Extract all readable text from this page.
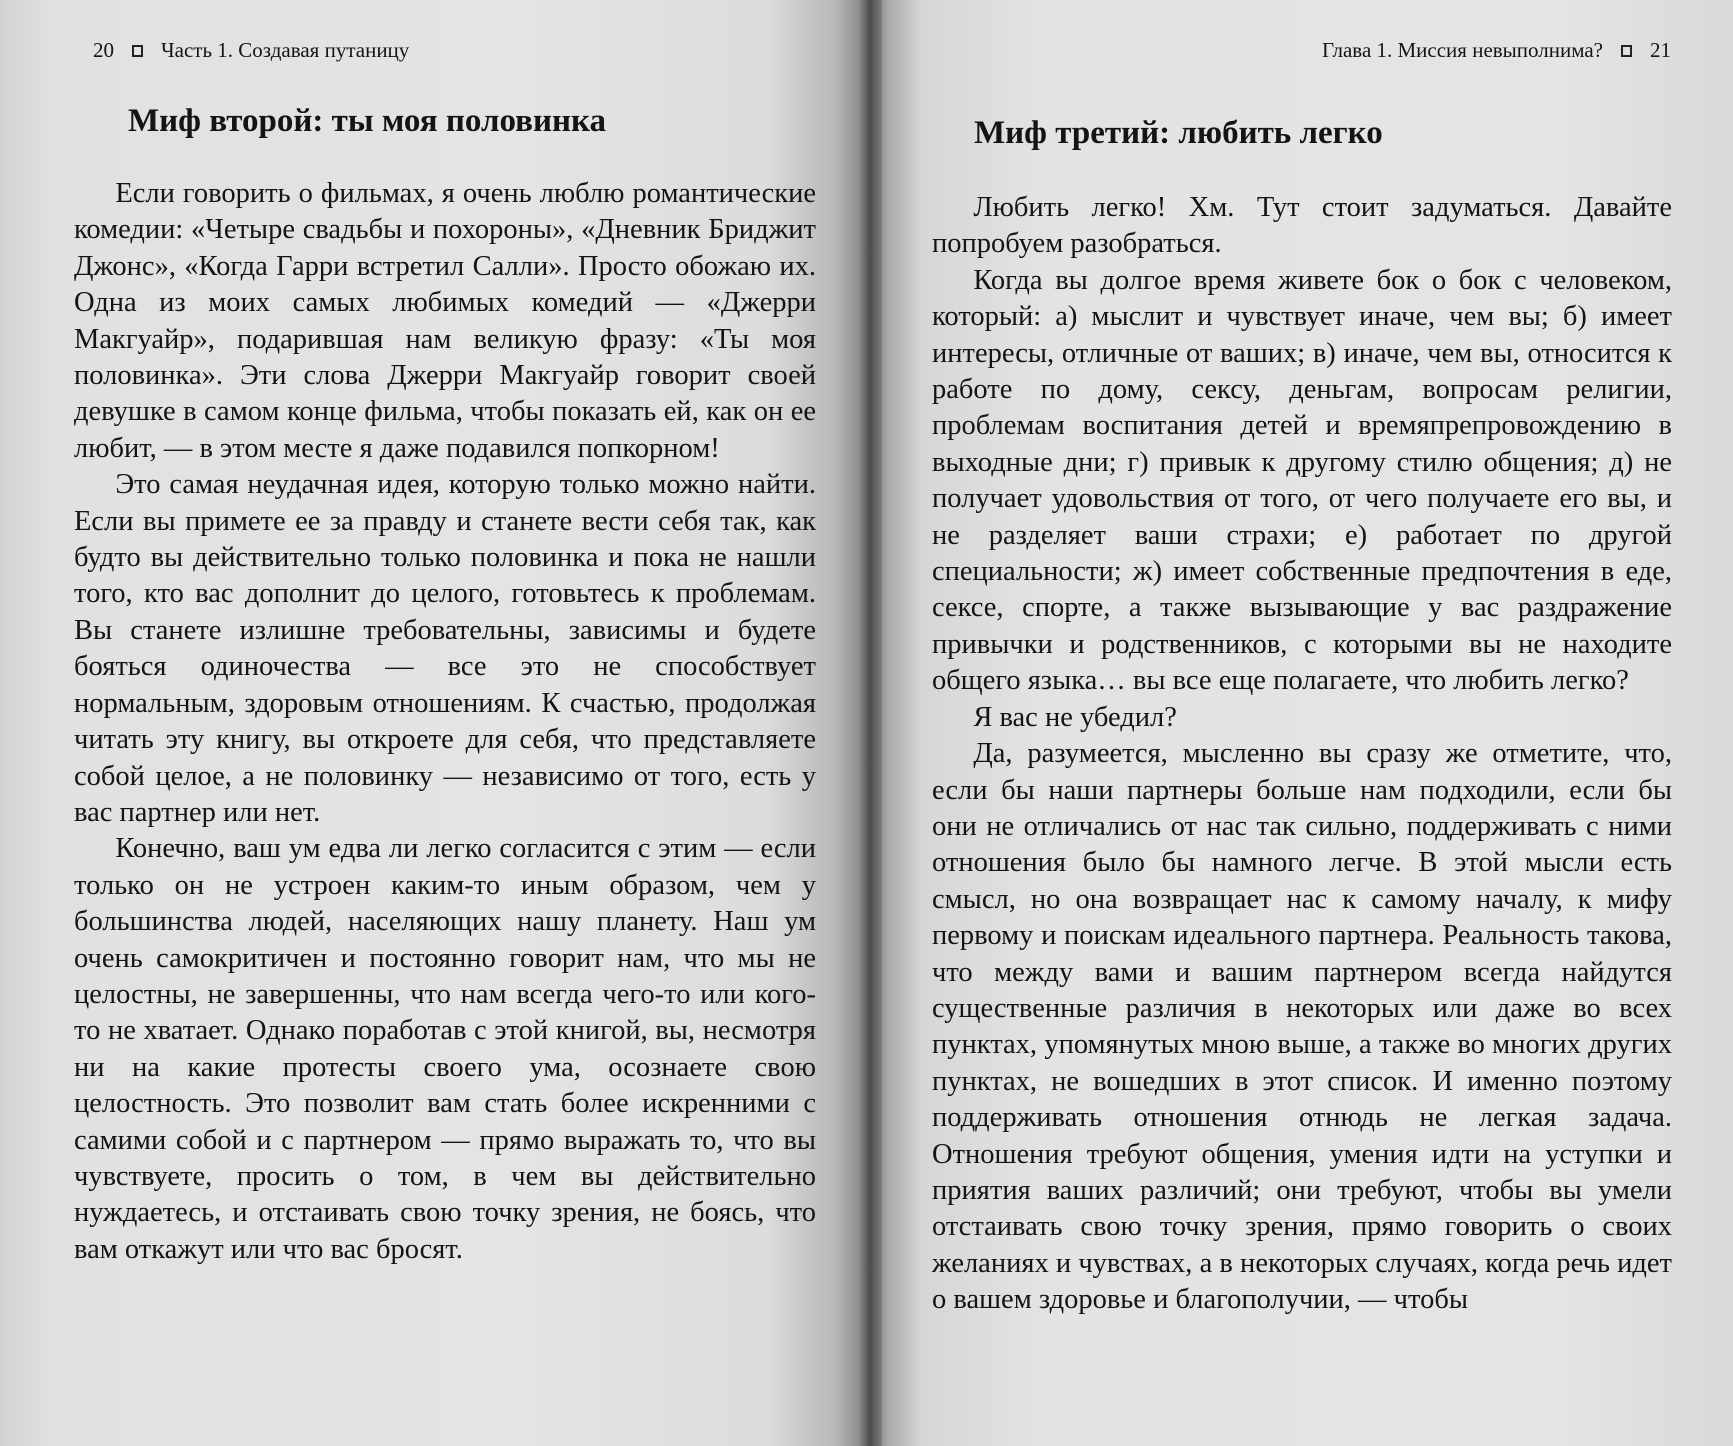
20 Часть 1. Создавая путаницу
Миф второй: ты моя половинка

Если говорить о фильмах, я очень люблю романтические комедии: «Четыре свадьбы и похороны», «Дневник Бриджит Джонс», «Когда Гарри встретил Салли». Просто обожаю их. Одна из моих самых любимых комедий — «Джерри Макгуайр», подарившая нам великую фразу: «Ты моя половинка». Эти слова Джерри Макгуайр говорит своей девушке в самом конце фильма, чтобы показать ей, как он ее любит, — в этом месте я даже подавился попкорном!

Это самая неудачная идея, которую только можно найти. Если вы примете ее за правду и станете вести себя так, как будто вы действительно только половинка и пока не нашли того, кто вас дополнит до целого, готовьтесь к проблемам. Вы станете излишне требовательны, зависимы и будете бояться одиночества — все это не способствует нормальным, здоровым отношениям. К счастью, продолжая читать эту книгу, вы откроете для себя, что представляете собой целое, а не половинку — независимо от того, есть у вас партнер или нет.

Конечно, ваш ум едва ли легко согласится с этим — если только он не устроен каким-то иным образом, чем у большинства людей, населяющих нашу планету. Наш ум очень самокритичен и постоянно говорит нам, что мы не целостны, не завершенны, что нам всегда чего-то или кого-то не хватает. Однако поработав с этой книгой, вы, несмотря ни на какие протесты своего ума, осознаете свою целостность. Это позволит вам стать более искренними с самими собой и с партнером — прямо выражать то, что вы чувствуете, просить о том, в чем вы действительно нуждаетесь, и отстаивать свою точку зрения, не боясь, что вам откажут или что вас бросят.

Глава 1. Миссия невыполнима? 21
Миф третий: любить легко

Любить легко! Хм. Тут стоит задуматься. Давайте попробуем разобраться.

Когда вы долгое время живете бок о бок с человеком, который: а) мыслит и чувствует иначе, чем вы; б) имеет интересы, отличные от ваших; в) иначе, чем вы, относится к работе по дому, сексу, деньгам, вопросам религии, проблемам воспитания детей и времяпрепровождению в выходные дни; г) привык к другому стилю общения; д) не получает удовольствия от того, от чего получаете его вы, и не разделяет ваши страхи; е) работает по другой специальности; ж) имеет собственные предпочтения в еде, сексе, спорте, а также вызывающие у вас раздражение привычки и родственников, с которыми вы не находите общего языка… вы все еще полагаете, что любить легко?

Я вас не убедил?

Да, разумеется, мысленно вы сразу же отметите, что, если бы наши партнеры больше нам подходили, если бы они не отличались от нас так сильно, поддерживать с ними отношения было бы намного легче. В этой мысли есть смысл, но она возвращает нас к самому началу, к мифу первому и поискам идеального партнера. Реальность такова, что между вами и вашим партнером всегда найдутся существенные различия в некоторых или даже во всех пунктах, упомянутых мною выше, а также во многих других пунктах, не вошедших в этот список. И именно поэтому поддерживать отношения отнюдь не легкая задача. Отношения требуют общения, умения идти на уступки и приятия ваших различий; они требуют, чтобы вы умели отстаивать свою точку зрения, прямо говорить о своих желаниях и чувствах, а в некоторых случаях, когда речь идет о вашем здоровье и благополучии, — чтобы
